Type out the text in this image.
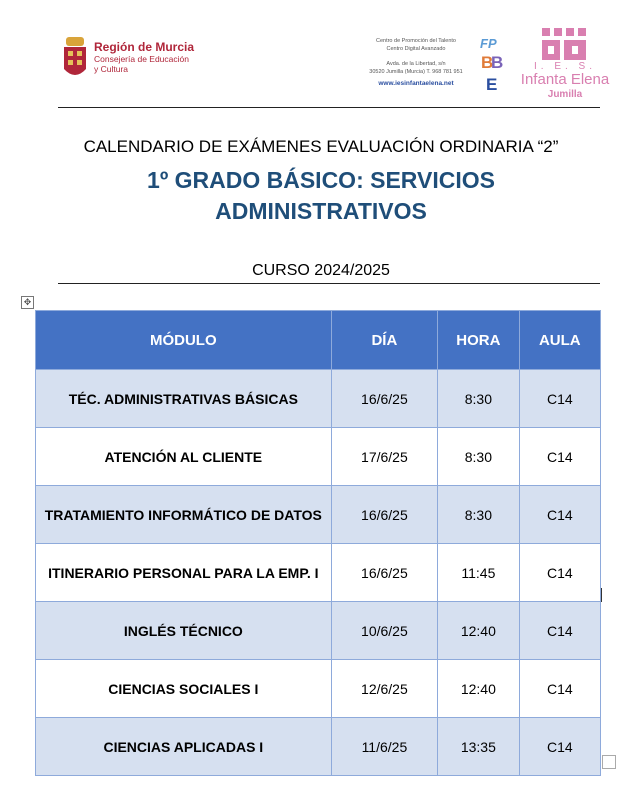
Región de Murcia
Consejería de Educación
y Cultura
Centro de Promoción del Talento
Centro Digital Avanzado
Avda. de la Libertad, s/n
30520 Jumilla (Murcia) T. 968 781 951
www.iesinfantaelena.net
FP
B
B
E
I. E. S.
Infanta Elena
Jumilla
CALENDARIO DE EXÁMENES EVALUACIÓN ORDINARIA “2”
1º GRADO BÁSICO: SERVICIOS
ADMINISTRATIVOS
CURSO 2024/2025
✥
MÓDULO	DÍA	HORA	AULA
TÉC. ADMINISTRATIVAS BÁSICAS	16/6/25	8:30	C14
ATENCIÓN AL CLIENTE	17/6/25	8:30	C14
TRATAMIENTO INFORMÁTICO DE DATOS	16/6/25	8:30	C14
ITINERARIO PERSONAL PARA LA EMP. I	16/6/25	11:45	C14
INGLÉS TÉCNICO	10/6/25	12:40	C14
CIENCIAS SOCIALES I	12/6/25	12:40	C14
CIENCIAS APLICADAS I	11/6/25	13:35	C14
